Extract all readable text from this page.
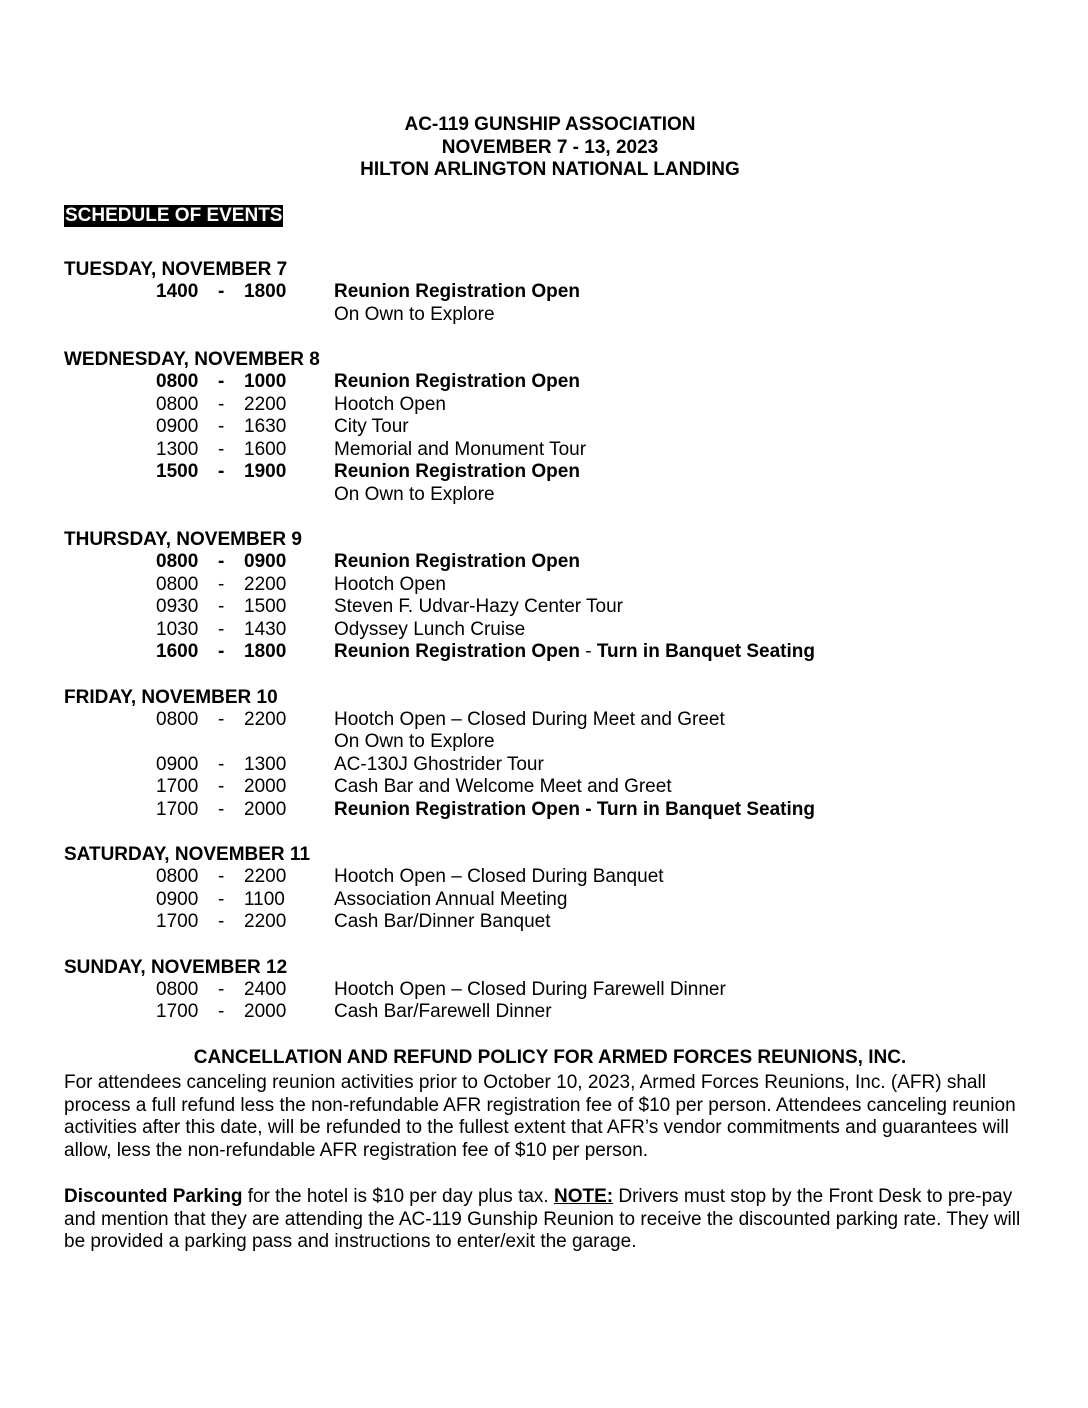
AC-119 GUNSHIP ASSOCIATION
NOVEMBER 7 - 13, 2023
HILTON ARLINGTON NATIONAL LANDING
SCHEDULE OF EVENTS
TUESDAY, NOVEMBER 7
1400 - 1800	Reunion Registration Open
On Own to Explore
WEDNESDAY, NOVEMBER 8
0800 - 1000	Reunion Registration Open
0800 - 2200	Hootch Open
0900 - 1630	City Tour
1300 - 1600	Memorial and Monument Tour
1500 - 1900	Reunion Registration Open
On Own to Explore
THURSDAY, NOVEMBER 9
0800 - 0900	Reunion Registration Open
0800 - 2200	Hootch Open
0930 - 1500	Steven F. Udvar-Hazy Center Tour
1030 - 1430	Odyssey Lunch Cruise
1600 - 1800	Reunion Registration Open - Turn in Banquet Seating
FRIDAY, NOVEMBER 10
0800 - 2200	Hootch Open – Closed During Meet and Greet
On Own to Explore
0900 - 1300	AC-130J Ghostrider Tour
1700 - 2000	Cash Bar and Welcome Meet and Greet
1700 - 2000	Reunion Registration Open - Turn in Banquet Seating
SATURDAY, NOVEMBER 11
0800 - 2200	Hootch Open – Closed During Banquet
0900 - 1100	Association Annual Meeting
1700 - 2200	Cash Bar/Dinner Banquet
SUNDAY, NOVEMBER 12
0800 - 2400	Hootch Open – Closed During Farewell Dinner
1700 - 2000	Cash Bar/Farewell Dinner
CANCELLATION AND REFUND POLICY FOR ARMED FORCES REUNIONS, INC.
For attendees canceling reunion activities prior to October 10, 2023, Armed Forces Reunions, Inc. (AFR) shall process a full refund less the non-refundable AFR registration fee of $10 per person. Attendees canceling reunion activities after this date, will be refunded to the fullest extent that AFR’s vendor commitments and guarantees will allow, less the non-refundable AFR registration fee of $10 per person.
Discounted Parking for the hotel is $10 per day plus tax. NOTE: Drivers must stop by the Front Desk to pre-pay and mention that they are attending the AC-119 Gunship Reunion to receive the discounted parking rate. They will be provided a parking pass and instructions to enter/exit the garage.
